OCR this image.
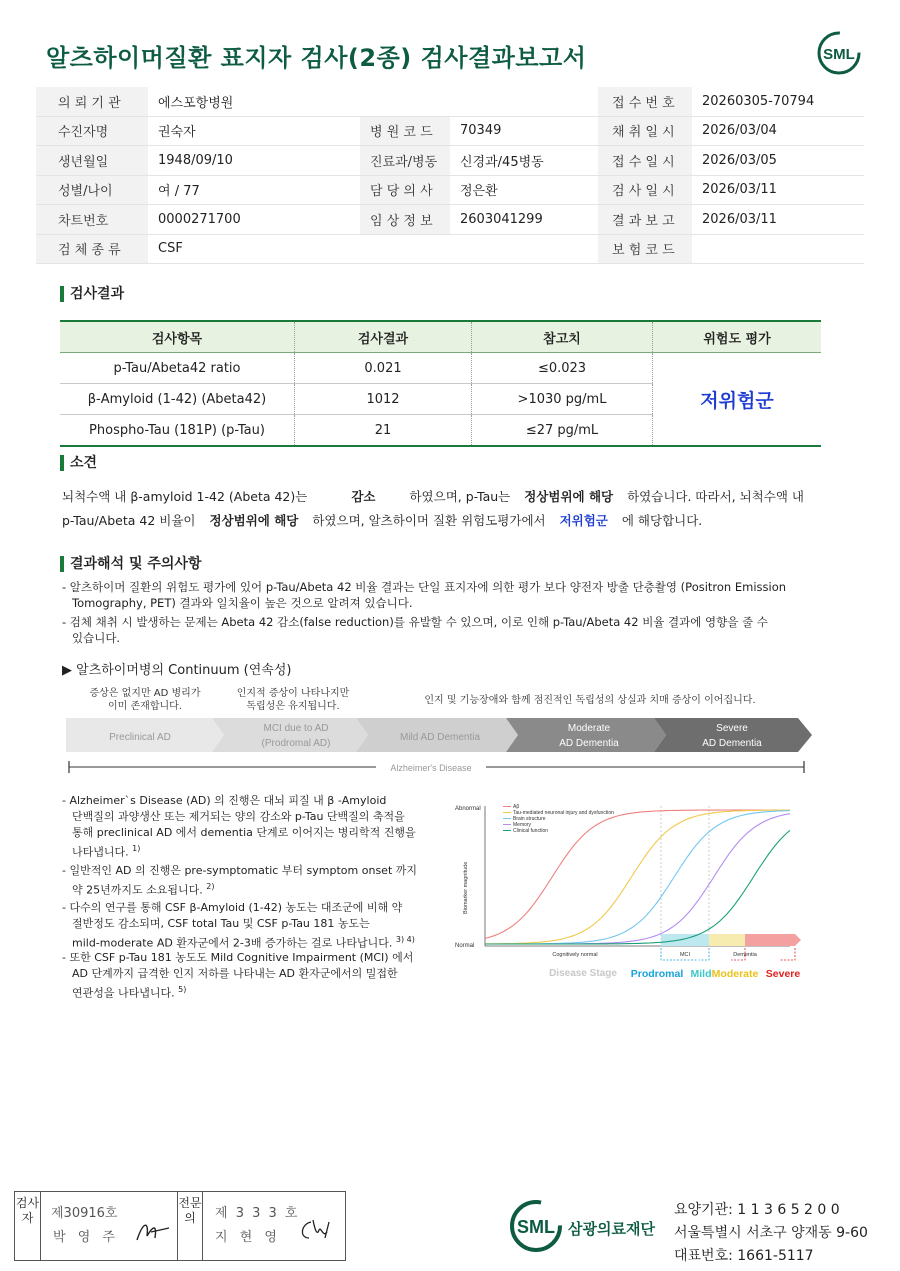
알츠하이머질환 표지자 검사(2종) 검사결과보고서	SML
의 뢰 기 관	에스포항병원				접 수 번 호	20260305-70794
수진자명	권숙자	병 원 코 드	70349		채 취 일 시	2026/03/04
생년월일	1948/09/10	진료과/병동	신경과/45병동		접 수 일 시	2026/03/05
성별/나이	여 / 77	담 당 의 사	정은환		검 사 일 시	2026/03/11
차트번호	0000271700	임 상 정 보	2603041299		결 과 보 고	2026/03/11
검 체 종 류	CSF				보 험 코 드	
검사결과
검사항목	검사결과	참고치	위험도 평가
p-Tau/Abeta42 ratio	0.021	≤0.023	저위험군
β-Amyloid (1-42) (Abeta42)	1012	>1030 pg/mL	
Phospho-Tau (181P) (p-Tau)	21	≤27 pg/mL	
소견
뇌척수액 내 β-amyloid 1-42 (Abeta 42)는	감소	하였으며, p-Tau는 정상범위에 해당 하였습니다. 따라서, 뇌척수액 내
p-Tau/Abeta 42 비율이 정상범위에 해당 하였으며, 알츠하이머 질환 위험도평가에서 저위험군 에 해당합니다.
결과해석 및 주의사항
- 알츠하이머 질환의 위험도 평가에 있어 p-Tau/Abeta 42 비율 결과는 단일 표지자에 의한 평가 보다 양전자 방출 단층촬영 (Positron Emission
Tomography, PET) 결과와 일치율이 높은 것으로 알려져 있습니다.
- 검체 채취 시 발생하는 문제는 Abeta 42 감소(false reduction)를 유발할 수 있으며, 이로 인해 p-Tau/Abeta 42 비율 결과에 영향을 줄 수
있습니다.
▶ 알츠하이머병의 Continuum (연속성)
증상은 없지만 AD 병리가
이미 존재합니다.
인지적 증상이 나타나지만
독립성은 유지됩니다.
인지 및 기능장애와 함께 점진적인 독립성의 상실과 치매 증상이 이어집니다.
Preclinical AD
MCI due to AD
(Prodromal AD)
Mild AD Dementia
Moderate
AD Dementia
Severe
AD Dementia
Alzheimer's Disease
- Alzheimer`s Disease (AD) 의 진행은 대뇌 피질 내 β -Amyloid
단백질의 과양생산 또는 제거되는 양의 감소와 p-Tau 단백질의 축적을
통해 preclinical AD 에서 dementia 단계로 이어지는 병리학적 진행을
나타냅니다. $^{1)}$
- 일반적인 AD 의 진행은 pre-symptomatic 부터 symptom onset 까지
약 25년까지도 소요됩니다. $^{2)}$
- 다수의 연구를 통해 CSF β-Amyloid (1-42) 농도는 대조군에 비해 약
절반정도 감소되며, CSF total Tau 및 CSF p-Tau 181 농도는
mild-moderate AD 환자군에서 2-3배 증가하는 걸로 나타납니다. $^{3) 4)}$
- 또한 CSF p-Tau 181 농도도 Mild Cognitive Impairment (MCI) 에서
AD 단계까지 급격한 인지 저하를 나타내는 AD 환자군에서의 밀접한
연관성을 나타냅니다. $^{5)}$
Abnormal
Normal
Biomarker magnitude
Cognitively normal	MCI	Dementia
Disease Stage
Aβ
Tau-mediated neuronal injury and dysfunction
Brain structure
Memory
Clinical function
Prodromal Mild Moderate Severe
검사자	제30916호
박 영 주
전문의	제 3 3 3 호
지 현 영
SML 삼광의료재단
요양기관: 1 1 3 6 5 2 0 0
서울특별시 서초구 양재동 9-60
대표번호: 1661-5117
